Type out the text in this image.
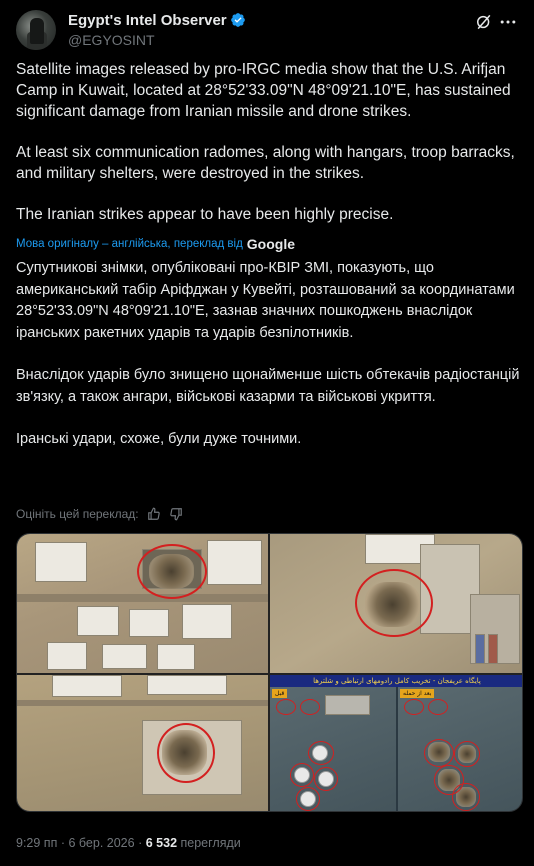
Egypt's Intel Observer
@EGYOSINT

Satellite images released by pro-IRGC media show that the U.S. Arifjan Camp in Kuwait, located at 28°52'33.09"N 48°09'21.10"E, has sustained significant damage from Iranian missile and drone strikes.

At least six communication radomes, along with hangars, troop barracks, and military shelters, were destroyed in the strikes.

The Iranian strikes appear to have been highly precise.

Мова оригіналу – англійська, переклад від Google

Супутникові знімки, опубліковані про-КВІР ЗМІ, показують, що американський табір Аріфджан у Кувейті, розташований за координатами 28°52'33.09"N 48°09'21.10"E, зазнав значних пошкоджень внаслідок іранських ракетних ударів та ударів безпілотників.

Внаслідок ударів було знищено щонайменше шість обтекачів радіостанцій зв'язку, а також ангари, військові казарми та військові укриття.

Іранські удари, схоже, були дуже точними.

Оцініть цей переклад:
پایگاه عریفجان - تخریب کامل رادومهای ارتباطی و شلترها
قبل	بعد از حمله
9:29 пп · 6 бер. 2026 · 6 532 перегляди
